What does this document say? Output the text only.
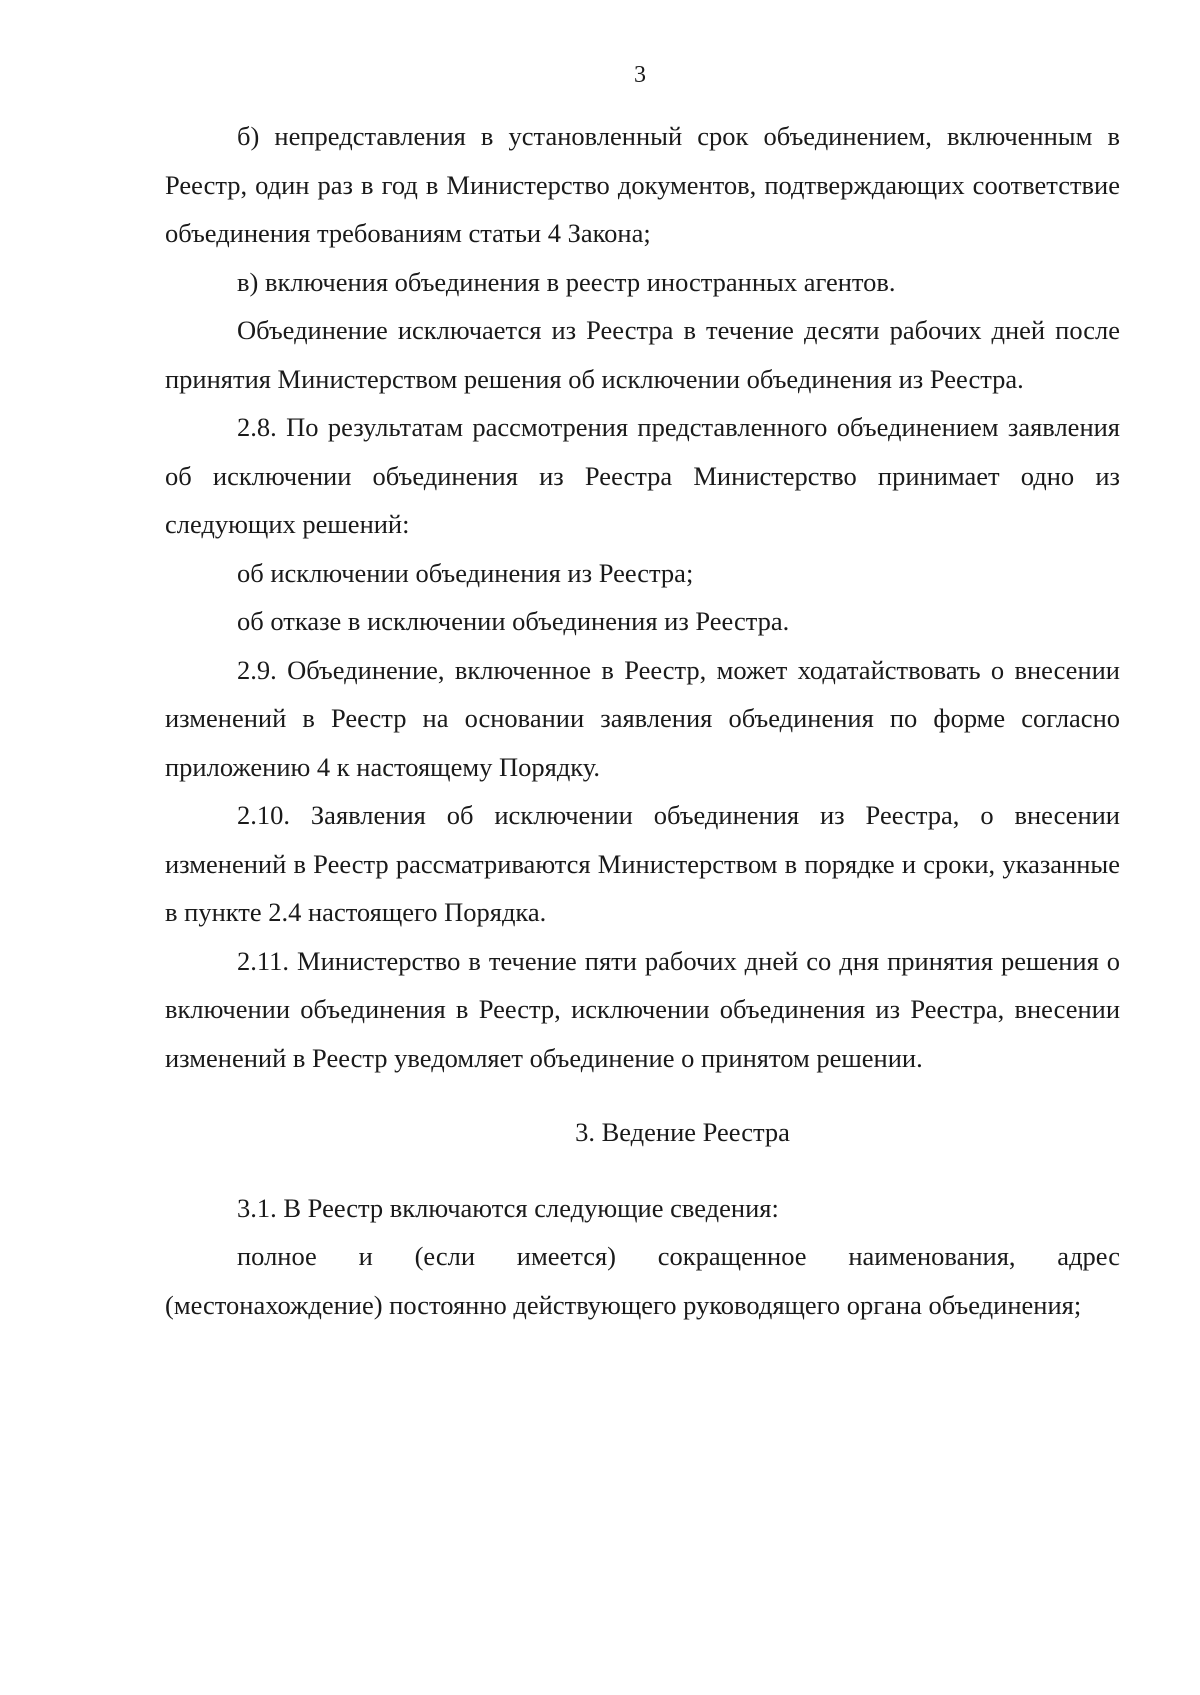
3

б) непредставления в установленный срок объединением, включенным в Реестр, один раз в год в Министерство документов, подтверждающих соответствие объединения требованиям статьи 4 Закона;

в) включения объединения в реестр иностранных агентов.

Объединение исключается из Реестра в течение десяти рабочих дней после принятия Министерством решения об исключении объединения из Реестра.

2.8. По результатам рассмотрения представленного объединением заявления об исключении объединения из Реестра Министерство принимает одно из следующих решений:

об исключении объединения из Реестра;

об отказе в исключении объединения из Реестра.

2.9. Объединение, включенное в Реестр, может ходатайствовать о внесении изменений в Реестр на основании заявления объединения по форме согласно приложению 4 к настоящему Порядку.

2.10. Заявления об исключении объединения из Реестра, о внесении изменений в Реестр рассматриваются Министерством в порядке и сроки, указанные в пункте 2.4 настоящего Порядка.

2.11. Министерство в течение пяти рабочих дней со дня принятия решения о включении объединения в Реестр, исключении объединения из Реестра, внесении изменений в Реестр уведомляет объединение о принятом решении.

3. Ведение Реестра

3.1. В Реестр включаются следующие сведения:

полное и (если имеется) сокращенное наименования, адрес (местонахождение) постоянно действующего руководящего органа объединения;
